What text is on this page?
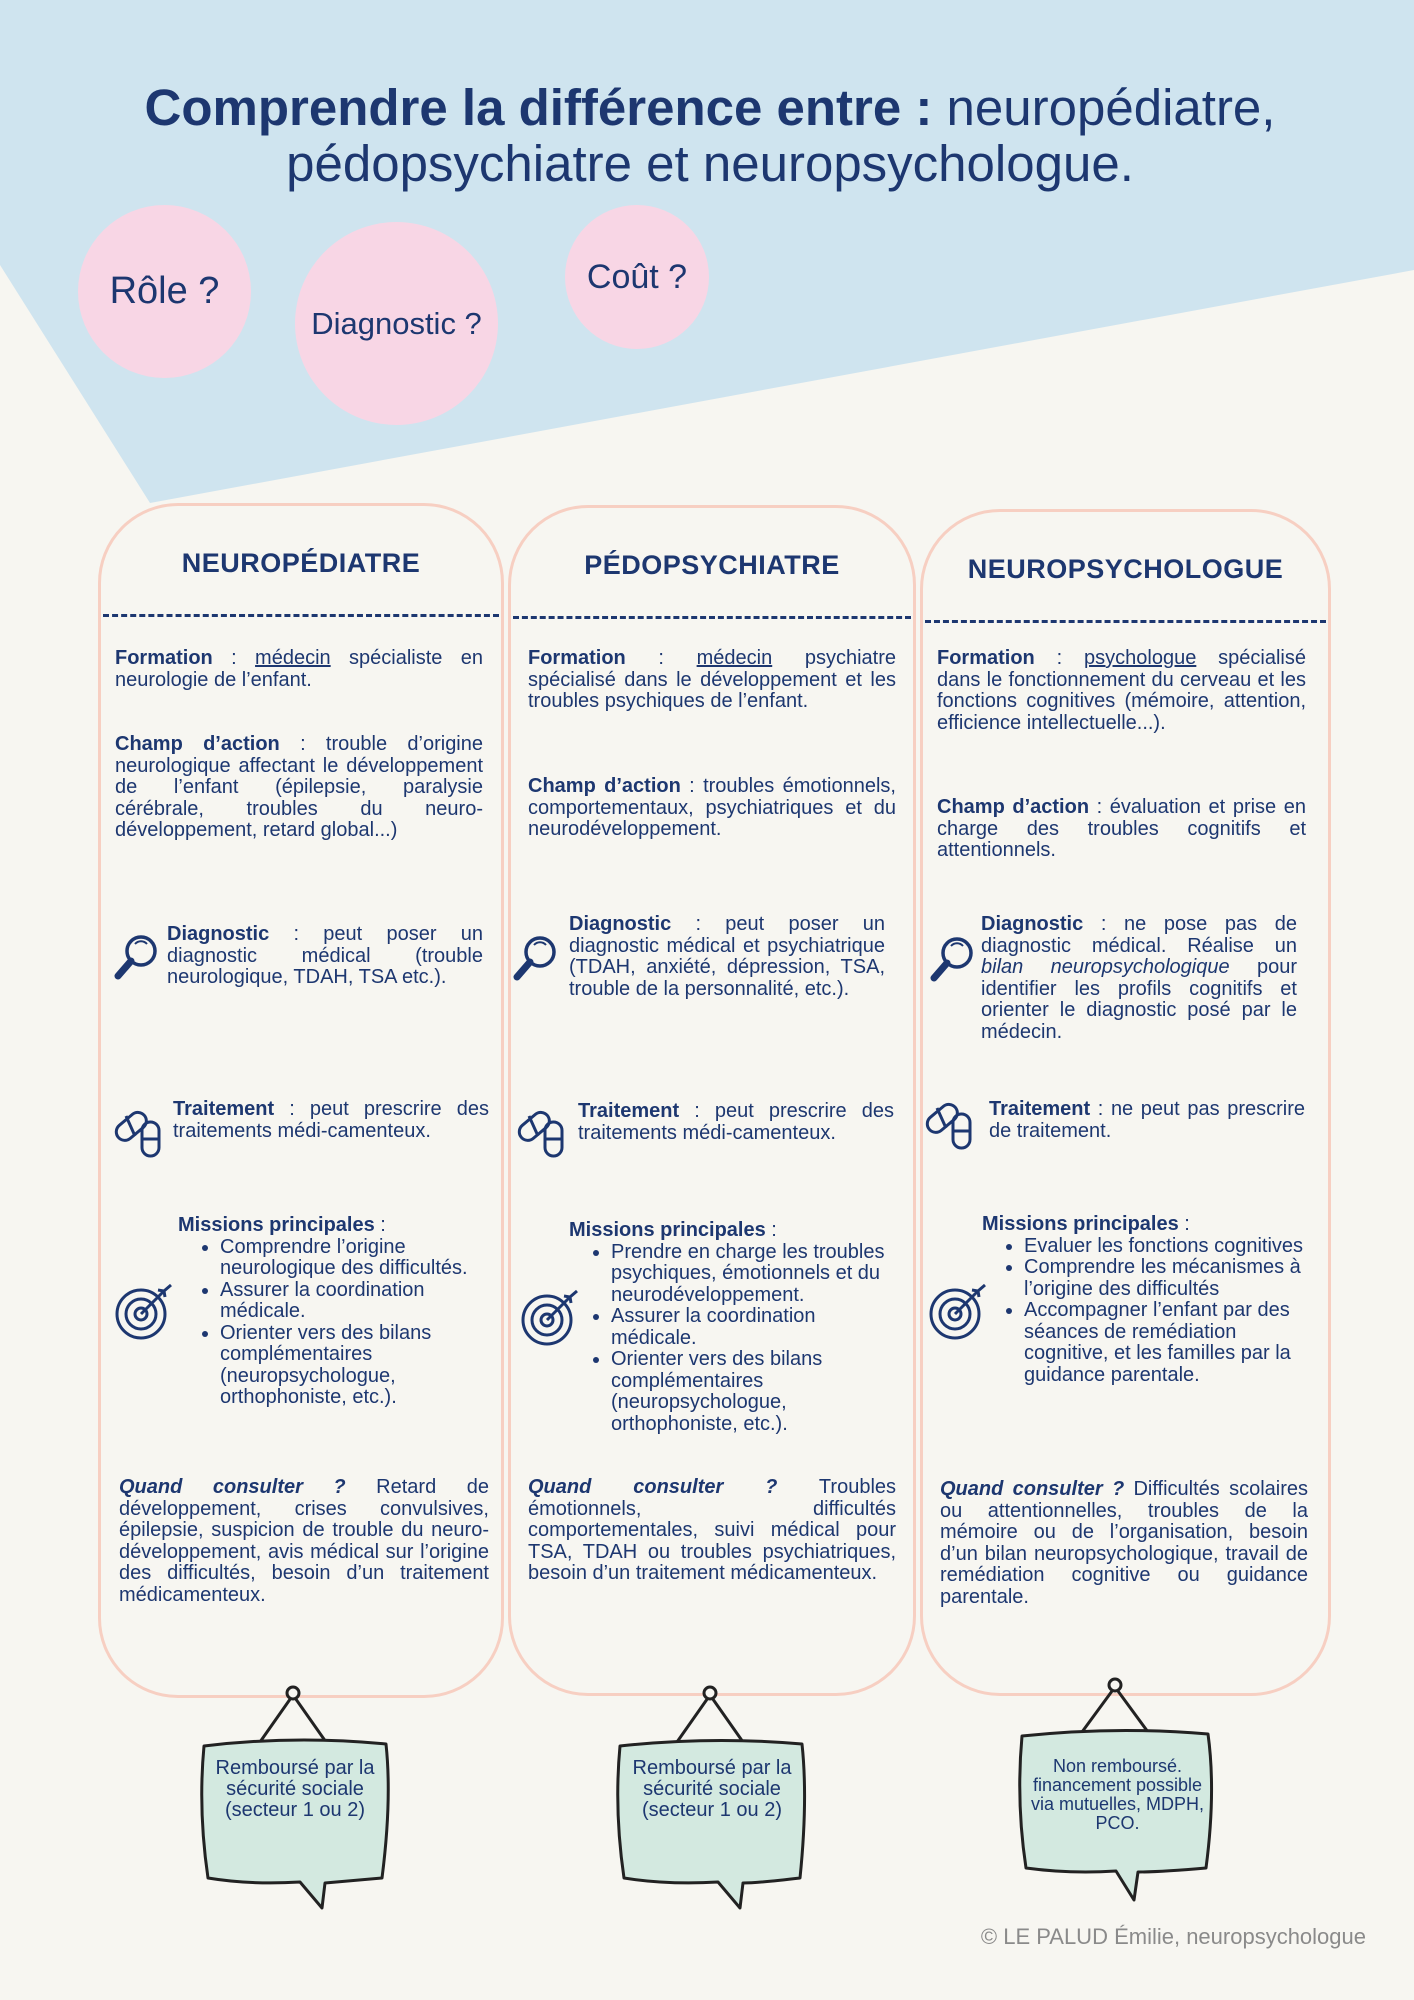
Comprendre la différence entre : neuropédiatre,
pédopsychiatre et neuropsychologue.
Rôle ?
Diagnostic ?
Coût ?
NEUROPÉDIATRE
Formation : médecin spécialiste en neurologie de l’enfant.
Champ d’action : trouble d’origine neurologique affectant le développement de l’enfant (épilepsie, paralysie cérébrale, troubles du neuro-développement, retard global...)
Diagnostic : peut poser un diagnostic médical (trouble neurologique, TDAH, TSA etc.).
Traitement : peut prescrire des traitements médi-camenteux.
Missions principales :
• Comprendre l’origine neurologique des difficultés.
• Assurer la coordination médicale.
• Orienter vers des bilans complémentaires (neuropsychologue, orthophoniste, etc.).
Quand consulter ? Retard de développement, crises convulsives, épilepsie, suspicion de trouble du neuro-développement, avis médical sur l’origine des difficultés, besoin d’un traitement médicamenteux.
PÉDOPSYCHIATRE
Formation : médecin psychiatre spécialisé dans le développement et les troubles psychiques de l’enfant.
Champ d’action : troubles émotionnels, comportementaux, psychiatriques et du neurodéveloppement.
Diagnostic : peut poser un diagnostic médical et psychiatrique (TDAH, anxiété, dépression, TSA, trouble de la personnalité, etc.).
Traitement : peut prescrire des traitements médi-camenteux.
Missions principales :
• Prendre en charge les troubles psychiques, émotionnels et du neurodéveloppement.
• Assurer la coordination médicale.
• Orienter vers des bilans complémentaires (neuropsychologue, orthophoniste, etc.).
Quand consulter ? Troubles émotionnels, difficultés comportementales, suivi médical pour TSA, TDAH ou troubles psychiatriques, besoin d’un traitement médicamenteux.
NEUROPSYCHOLOGUE
Formation : psychologue spécialisé dans le fonctionnement du cerveau et les fonctions cognitives (mémoire, attention, efficience intellectuelle...).
Champ d’action : évaluation et prise en charge des troubles cognitifs et attentionnels.
Diagnostic : ne pose pas de diagnostic médical. Réalise un bilan neuropsychologique pour identifier les profils cognitifs et orienter le diagnostic posé par le médecin.
Traitement : ne peut pas prescrire de traitement.
Missions principales :
• Evaluer les fonctions cognitives
• Comprendre les mécanismes à l’origine des difficultés
• Accompagner l’enfant par des séances de remédiation cognitive, et les familles par la guidance parentale.
Quand consulter ? Difficultés scolaires ou attentionnelles, troubles de la mémoire ou de l’organisation, besoin d’un bilan neuropsychologique, travail de remédiation cognitive ou guidance parentale.
Remboursé par la sécurité sociale (secteur 1 ou 2)
Remboursé par la sécurité sociale (secteur 1 ou 2)
Non remboursé. financement possible via mutuelles, MDPH, PCO.
© LE PALUD Émilie, neuropsychologue
